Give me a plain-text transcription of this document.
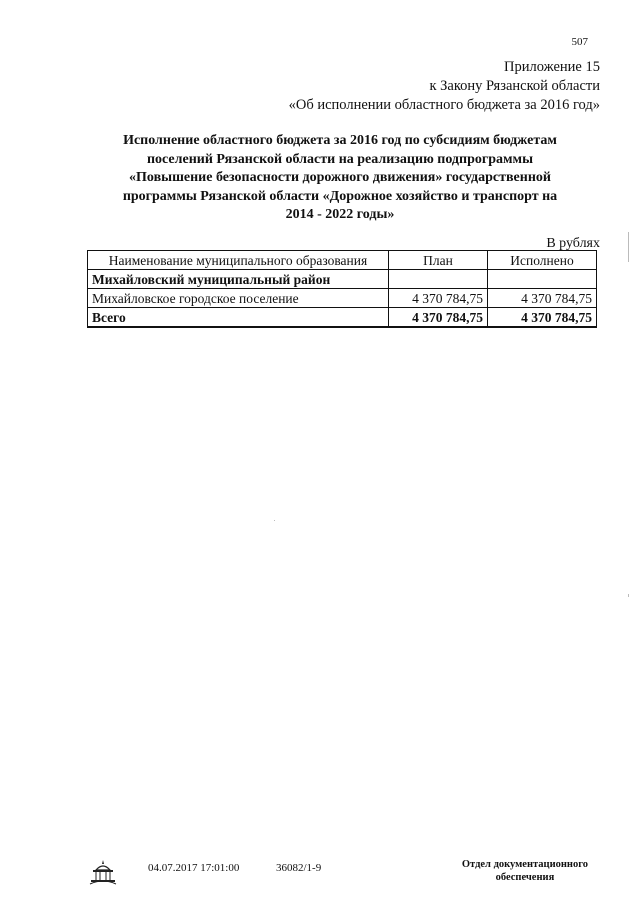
507
Приложение 15
к Закону Рязанской области
«Об исполнении областного бюджета за 2016 год»
Исполнение областного бюджета за 2016 год по субсидиям бюджетам
поселений Рязанской области на реализацию подпрограммы
«Повышение безопасности дорожного движения» государственной
программы Рязанской области «Дорожное хозяйство и транспорт на
2014 - 2022 годы»
В рублях
Наименование муниципального образования	План	Исполнено
Михайловский муниципальный район		
Михайловское городское поселение	4 370 784,75	4 370 784,75
Всего	4 370 784,75	4 370 784,75
04.07.2017 17:01:00	36082/1-9	Отдел документационного
обеспечения
